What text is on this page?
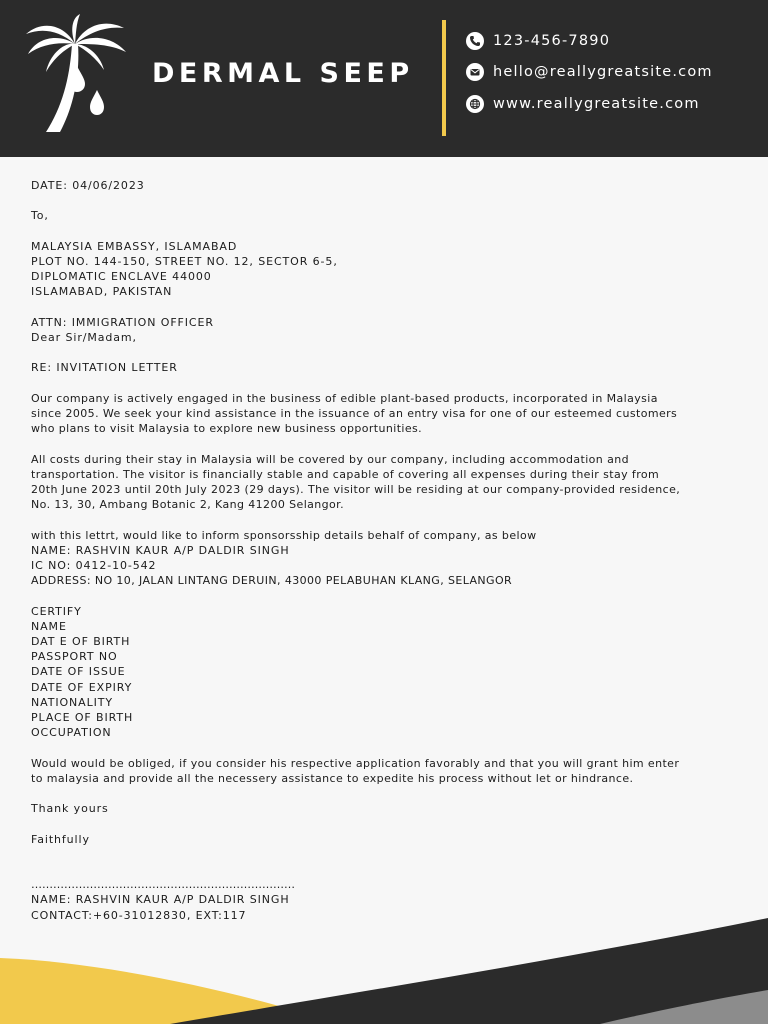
DERMAL SEEP
123-456-7890
hello@reallygreatsite.com
www.reallygreatsite.com
DATE: 04/06/2023
To,
MALAYSIA EMBASSY, ISLAMABAD
PLOT NO. 144-150, STREET NO. 12, SECTOR 6-5,
DIPLOMATIC ENCLAVE 44000
ISLAMABAD, PAKISTAN
ATTN: IMMIGRATION OFFICER
Dear Sir/Madam,
RE: INVITATION LETTER
Our company is actively engaged in the business of edible plant-based products, incorporated in Malaysia
since 2005. We seek your kind assistance in the issuance of an entry visa for one of our esteemed customers
who plans to visit Malaysia to explore new business opportunities.
All costs during their stay in Malaysia will be covered by our company, including accommodation and
transportation. The visitor is financially stable and capable of covering all expenses during their stay from
20th June 2023 until 20th July 2023 (29 days). The visitor will be residing at our company-provided residence,
No. 13, 30, Ambang Botanic 2, Kang 41200 Selangor.
with this lettrt, would like to inform sponsorsship details behalf of company, as below
NAME: RASHVIN KAUR A/P DALDIR SINGH
IC NO: 0412-10-542
ADDRESS: NO 10, JALAN LINTANG DERUIN, 43000 PELABUHAN KLANG, SELANGOR
CERTIFY
NAME
DAT E OF BIRTH
PASSPORT NO
DATE OF ISSUE
DATE OF EXPIRY
NATIONALITY
PLACE OF BIRTH
OCCUPATION
Would would be obliged, if you consider his respective application favorably and that you will grant him enter
to malaysia and provide all the necessery assistance to expedite his process without let or hindrance.
Thank yours
Faithfully
………………………………………………………………
NAME: RASHVIN KAUR A/P DALDIR SINGH
CONTACT:+60-31012830, EXT:117
